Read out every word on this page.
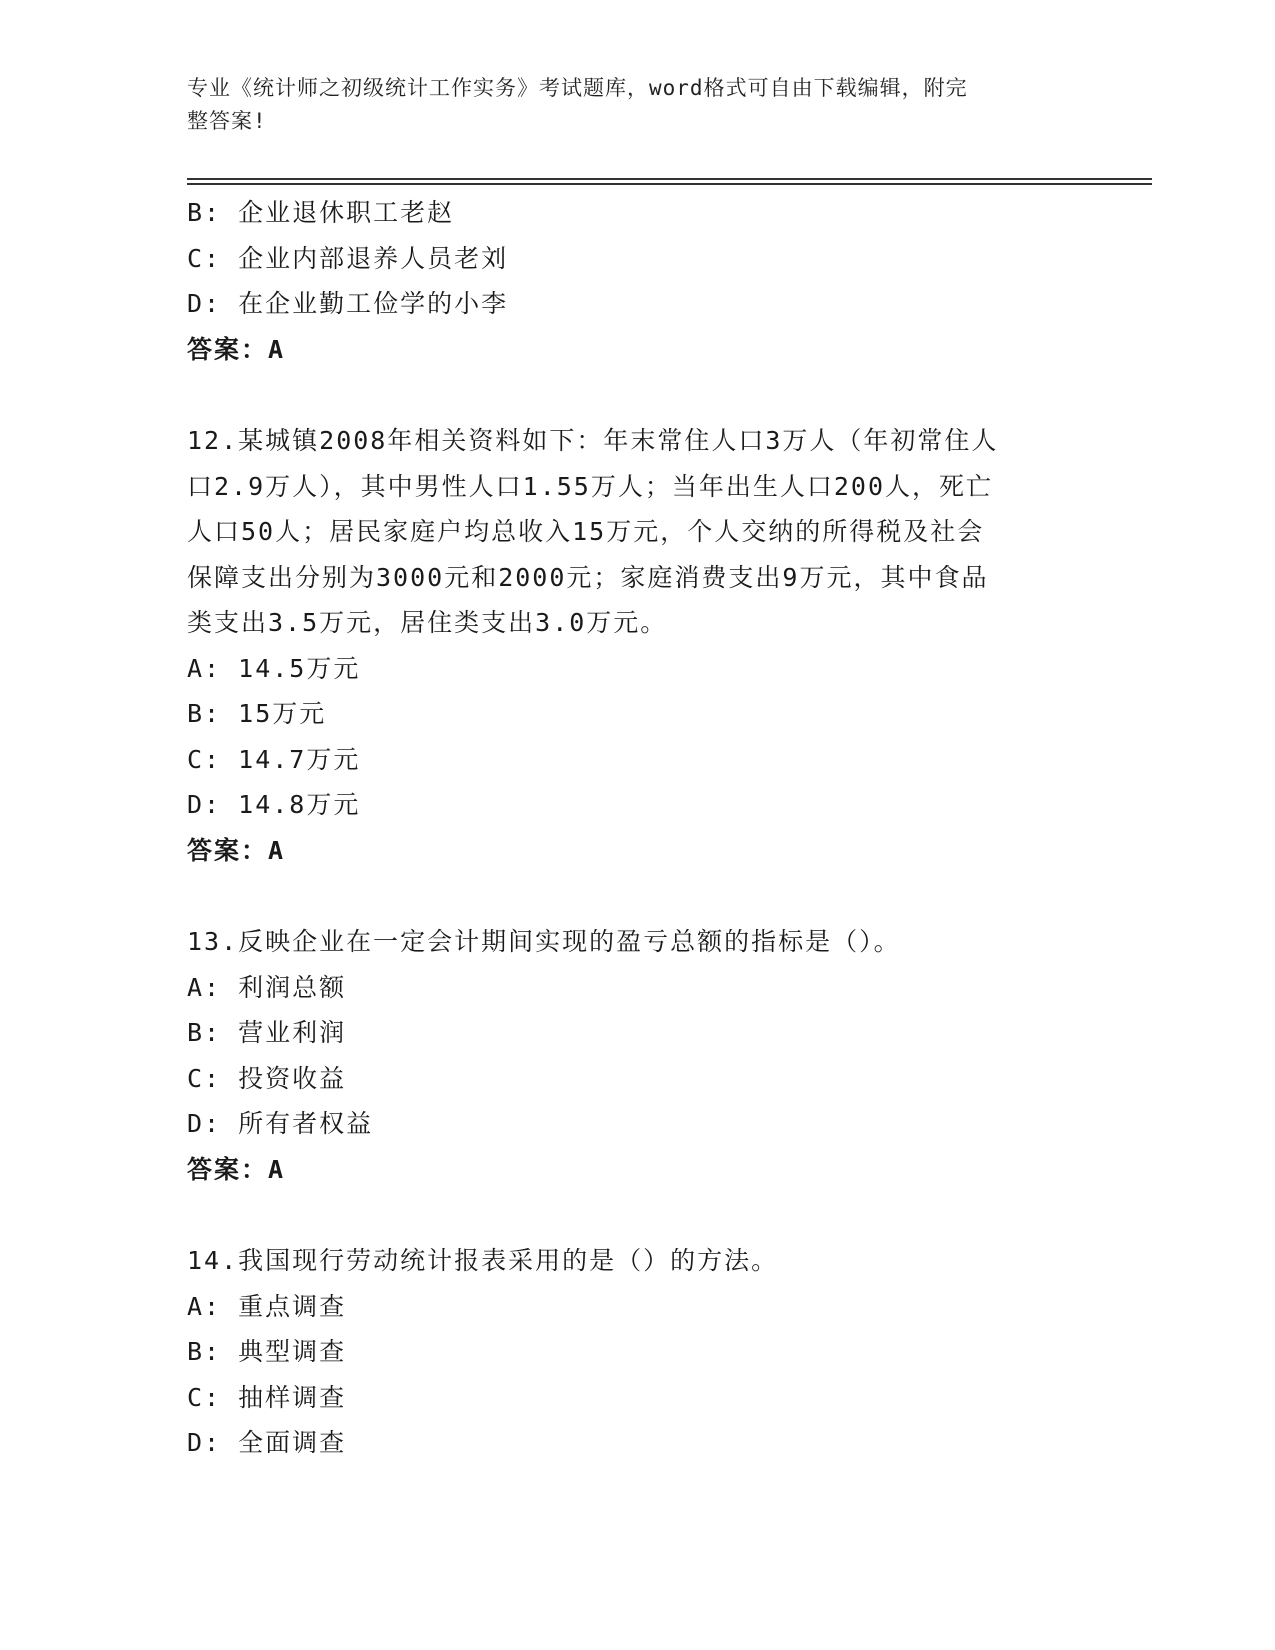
专业《统计师之初级统计工作实务》考试题库，word格式可自由下载编辑，附完

整答案!

B: 企业退休职工老赵

C: 企业内部退养人员老刘

D: 在企业勤工俭学的小李

答案：A

12.某城镇2008年相关资料如下：年末常住人口3万人（年初常住人

口2.9万人），其中男性人口1.55万人；当年出生人口200人，死亡

人口50人；居民家庭户均总收入15万元，个人交纳的所得税及社会

保障支出分别为3000元和2000元；家庭消费支出9万元，其中食品

类支出3.5万元，居住类支出3.0万元。

A: 14.5万元

B: 15万元

C: 14.7万元

D: 14.8万元

答案：A

13.反映企业在一定会计期间实现的盈亏总额的指标是（）。

A: 利润总额

B: 营业利润

C: 投资收益

D: 所有者权益

答案：A

14.我国现行劳动统计报表采用的是（）的方法。

A: 重点调查

B: 典型调查

C: 抽样调查

D: 全面调查
